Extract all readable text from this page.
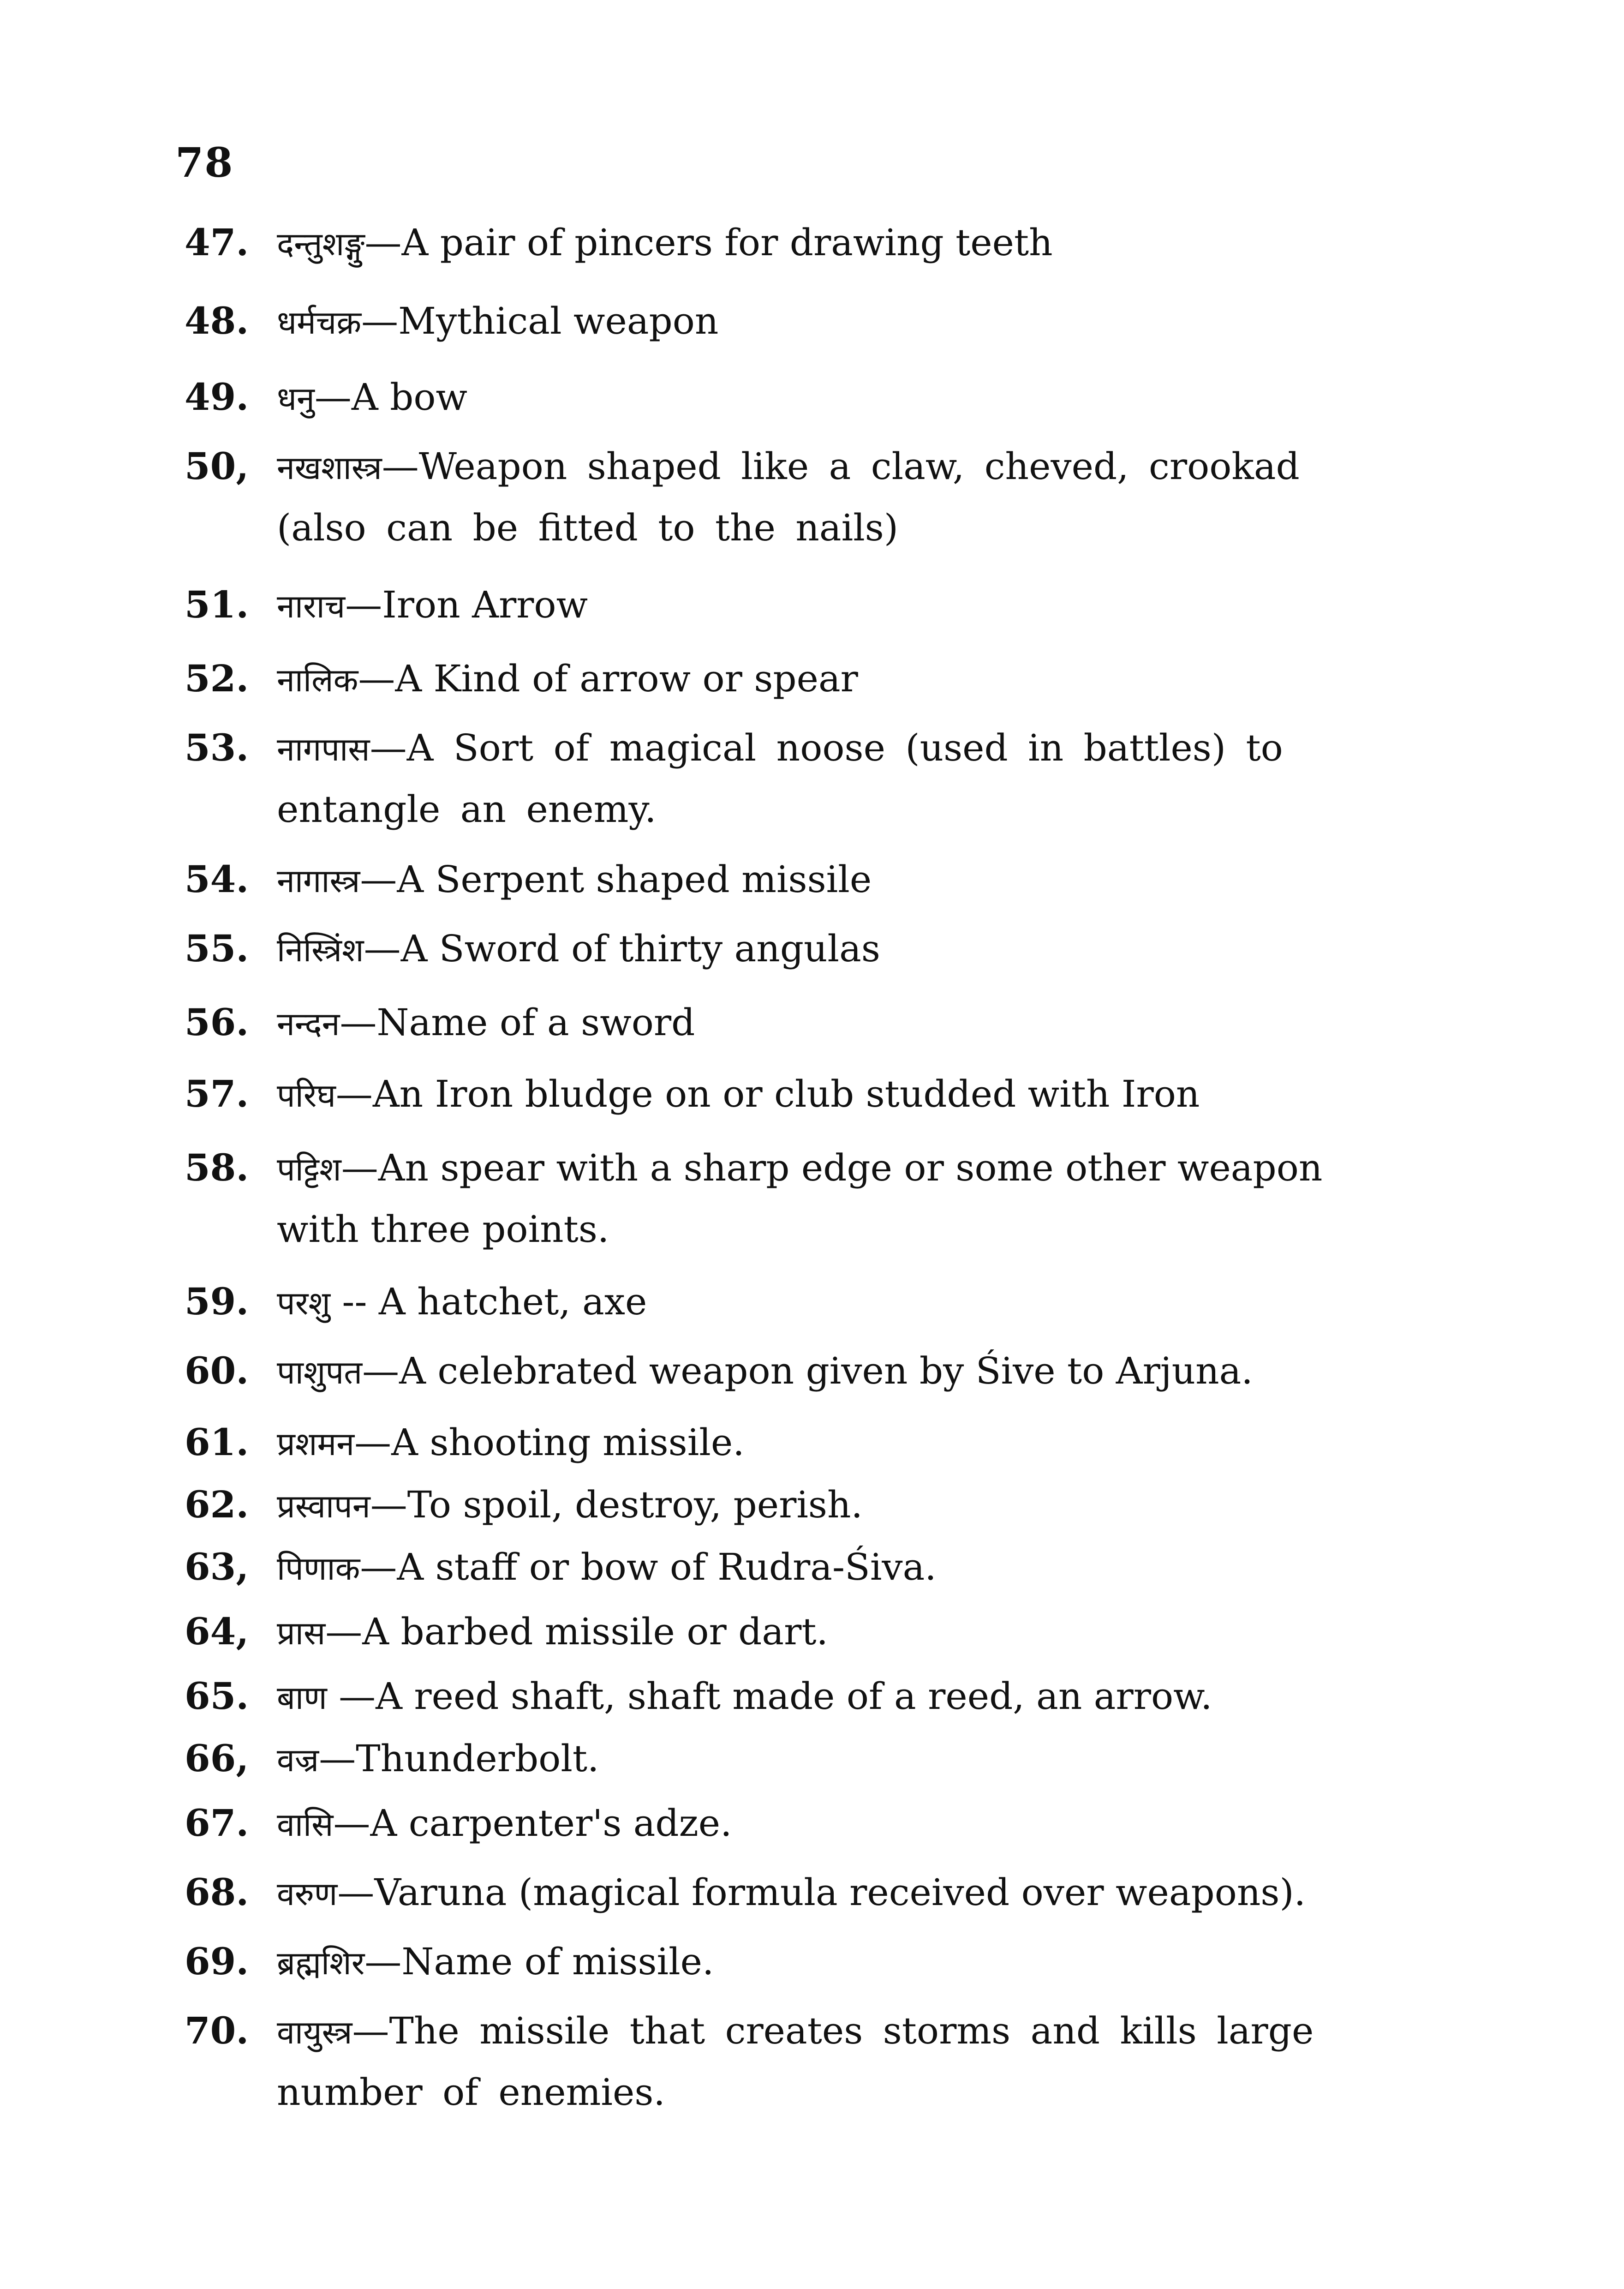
78
47. दन्तुशङ्गु—A pair of pincers for drawing teeth
48. धर्मचक्र—Mythical weapon
49. धनु—A bow
50, नखशास्त्र—Weapon shaped like a claw, cheved, crookad
(also can be fitted to the nails)
51. नाराच—Iron Arrow
52. नालिक—A Kind of arrow or spear
53. नागपास—A Sort of magical noose (used in battles) to
entangle an enemy.
54. नागास्त्र—A Serpent shaped missile
55. निस्त्रिंश—A Sword of thirty angulas
56. नन्दन—Name of a sword
57. परिघ—An Iron bludge on or club studded with Iron
58. पट्टिश—An spear with a sharp edge or some other weapon
with three points.
59. परशु -- A hatchet, axe
60. पाशुपत—A celebrated weapon given by Śive to Arjuna.
61. प्रशमन—A shooting missile.
62. प्रस्वापन—To spoil, destroy, perish.
63, पिणाक—A staff or bow of Rudra-Śiva.
64, प्रास—A barbed missile or dart.
65. बाण —A reed shaft, shaft made of a reed, an arrow.
66, वज्र—Thunderbolt.
67. वासि—A carpenter's adze.
68. वरुण—Varuna (magical formula received over weapons).
69. ब्रह्मशिर—Name of missile.
70. वायुस्त्र—The missile that creates storms and kills large
number of enemies.
